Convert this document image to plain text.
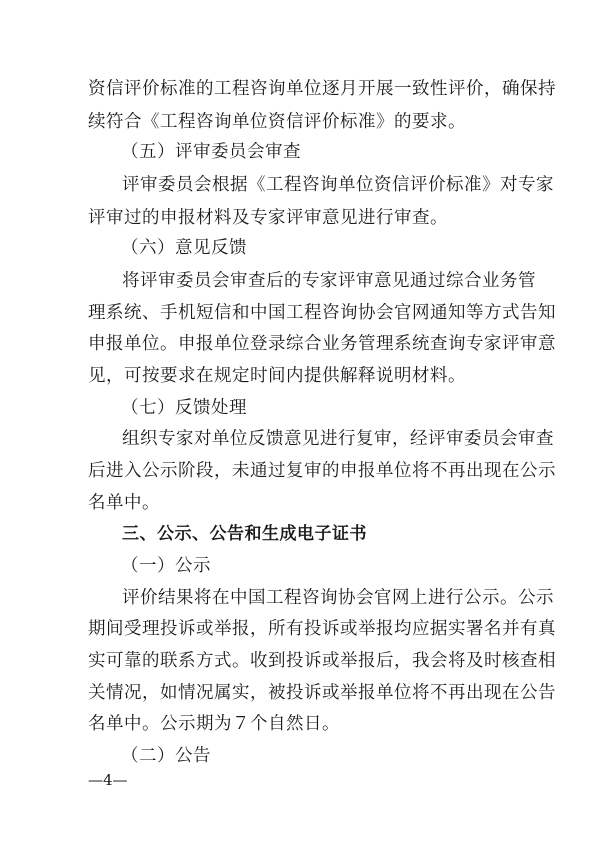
资信评价标准的工程咨询单位逐月开展一致性评价，确保持
续符合《工程咨询单位资信评价标准》的要求。
（五）评审委员会审查
评审委员会根据《工程咨询单位资信评价标准》对专家
评审过的申报材料及专家评审意见进行审查。
（六）意见反馈
将评审委员会审查后的专家评审意见通过综合业务管
理系统、手机短信和中国工程咨询协会官网通知等方式告知
申报单位。申报单位登录综合业务管理系统查询专家评审意
见，可按要求在规定时间内提供解释说明材料。
（七）反馈处理
组织专家对单位反馈意见进行复审，经评审委员会审查
后进入公示阶段，未通过复审的申报单位将不再出现在公示
名单中。
三、公示、公告和生成电子证书
（一）公示
评价结果将在中国工程咨询协会官网上进行公示。公示
期间受理投诉或举报，所有投诉或举报均应据实署名并有真
实可靠的联系方式。收到投诉或举报后，我会将及时核查相
关情况，如情况属实，被投诉或举报单位将不再出现在公告
名单中。公示期为７个自然日。
（二）公告
—4—
